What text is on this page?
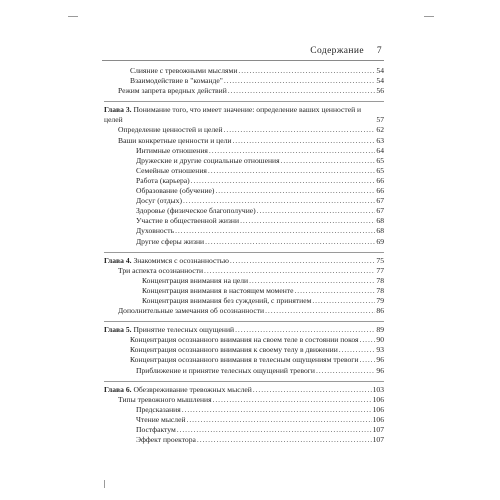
Содержание 7
Слияние с тревожными мыслями . . .	54
Взаимодействие в "команде" . . .	54
Режим запрета вредных действий . . .	56
Глава 3. Понимание того, что имеет значение: определение ваших ценностей и целей	57
Определение ценностей и целей . . .	62
Ваши конкретные ценности и цели . . .	63
Интимные отношения . . .	64
Дружеские и другие социальные отношения . . .	65
Семейные отношения . . .	65
Работа (карьера) . . .	66
Образование (обучение) . . .	66
Досуг (отдых) . . .	67
Здоровье (физическое благополучие) . . .	67
Участие в общественной жизни . . .	68
Духовность . . .	68
Другие сферы жизни . . .	69
Глава 4. Знакомимся с осознанностью . . .	75
Три аспекта осознанности . . .	77
Концентрация внимания на цели . . .	78
Концентрация внимания в настоящем моменте . . .	78
Концентрация внимания без суждений, с принятием . . .	79
Дополнительные замечания об осознанности . . .	86
Глава 5. Принятие телесных ощущений . . .	89
Концентрация осознанного внимания на своем теле в состоянии покоя . . . 90
Концентрация осознанного внимания к своему телу в движении . . .	93
Концентрация осознанного внимания в телесным ощущениям тревоги . . . 96
Приближение и принятие телесных ощущений тревоги . . .	96
Глава 6. Обезвреживание тревожных мыслей . . .	103
Типы тревожного мышления . . .	106
Предсказания . . .	106
Чтение мыслей . . .	106
Постфактум . . .	107
Эффект проектора . . .	107
